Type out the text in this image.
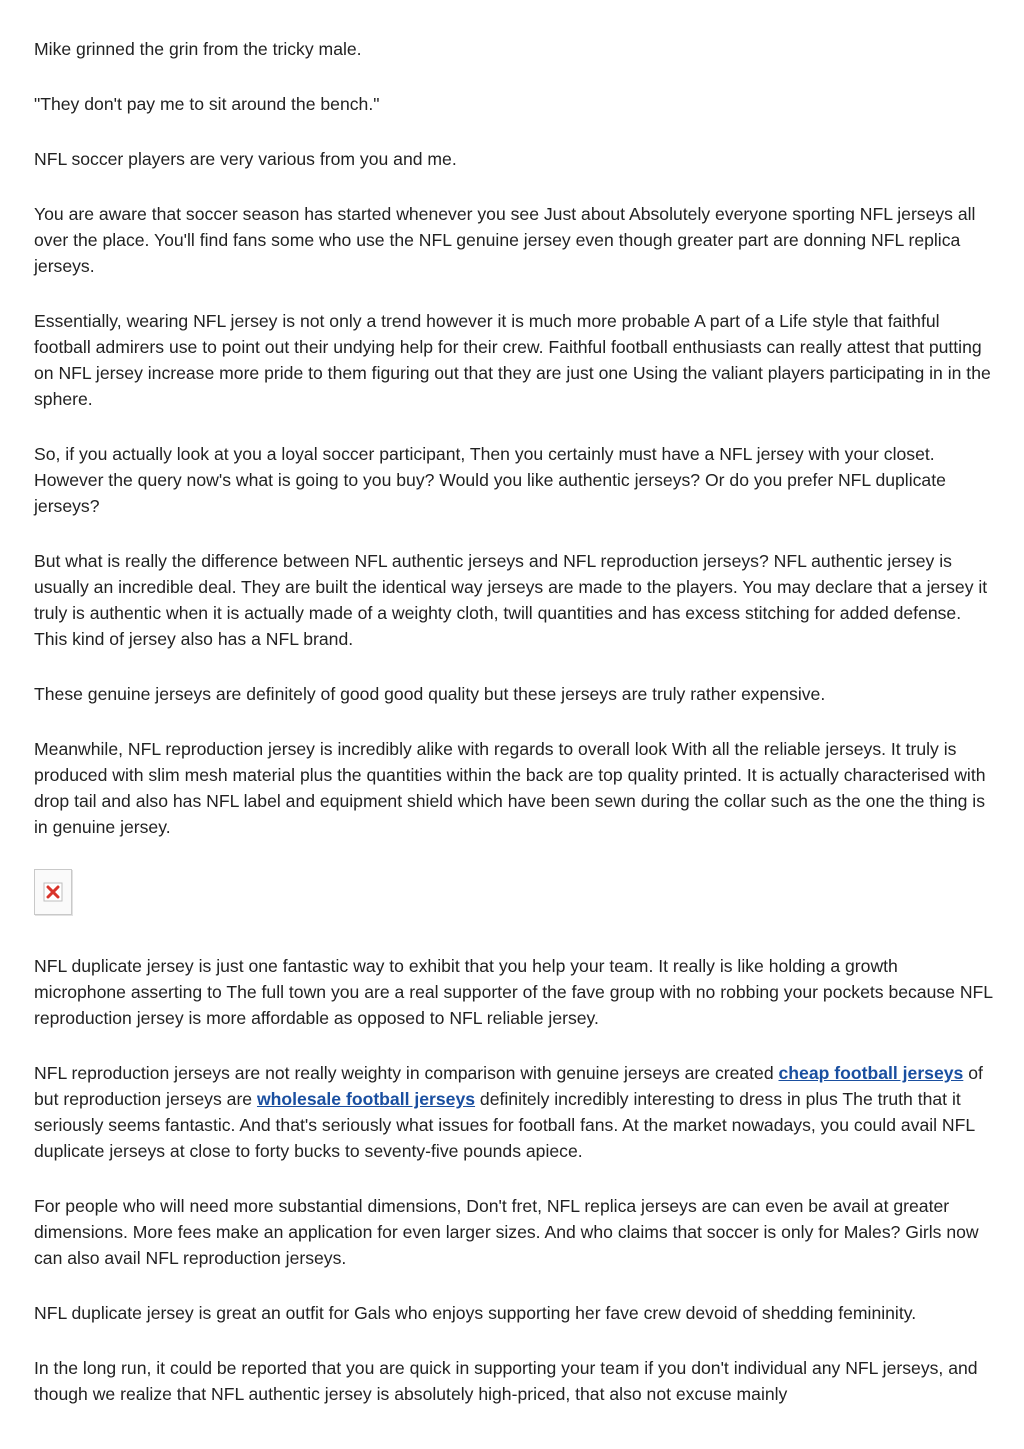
Mike grinned the grin from the tricky male.

"They don't pay me to sit around the bench."

NFL soccer players are very various from you and me.

You are aware that soccer season has started whenever you see Just about Absolutely everyone sporting NFL jerseys all over the place. You'll find fans some who use the NFL genuine jersey even though greater part are donning NFL replica jerseys.

Essentially, wearing NFL jersey is not only a trend however it is much more probable A part of a Life style that faithful football admirers use to point out their undying help for their crew. Faithful football enthusiasts can really attest that putting on NFL jersey increase more pride to them figuring out that they are just one Using the valiant players participating in in the sphere.

So, if you actually look at you a loyal soccer participant, Then you certainly must have a NFL jersey with your closet. However the query now's what is going to you buy? Would you like authentic jerseys? Or do you prefer NFL duplicate jerseys?

But what is really the difference between NFL authentic jerseys and NFL reproduction jerseys? NFL authentic jersey is usually an incredible deal. They are built the identical way jerseys are made to the players. You may declare that a jersey it truly is authentic when it is actually made of a weighty cloth, twill quantities and has excess stitching for added defense. This kind of jersey also has a NFL brand.

These genuine jerseys are definitely of good good quality but these jerseys are truly rather expensive.

Meanwhile, NFL reproduction jersey is incredibly alike with regards to overall look With all the reliable jerseys. It truly is produced with slim mesh material plus the quantities within the back are top quality printed. It is actually characterised with drop tail and also has NFL label and equipment shield which have been sewn during the collar such as the one the thing is in genuine jersey.

NFL duplicate jersey is just one fantastic way to exhibit that you help your team. It really is like holding a growth microphone asserting to The full town you are a real supporter of the fave group with no robbing your pockets because NFL reproduction jersey is more affordable as opposed to NFL reliable jersey.

NFL reproduction jerseys are not really weighty in comparison with genuine jerseys are created cheap football jerseys of but reproduction jerseys are wholesale football jerseys definitely incredibly interesting to dress in plus The truth that it seriously seems fantastic. And that's seriously what issues for football fans. At the market nowadays, you could avail NFL duplicate jerseys at close to forty bucks to seventy-five pounds apiece.

For people who will need more substantial dimensions, Don't fret, NFL replica jerseys are can even be avail at greater dimensions. More fees make an application for even larger sizes. And who claims that soccer is only for Males? Girls now can also avail NFL reproduction jerseys.

NFL duplicate jersey is great an outfit for Gals who enjoys supporting her fave crew devoid of shedding femininity.

In the long run, it could be reported that you are quick in supporting your team if you don't individual any NFL jerseys, and though we realize that NFL authentic jersey is absolutely high-priced, that also not excuse mainly
